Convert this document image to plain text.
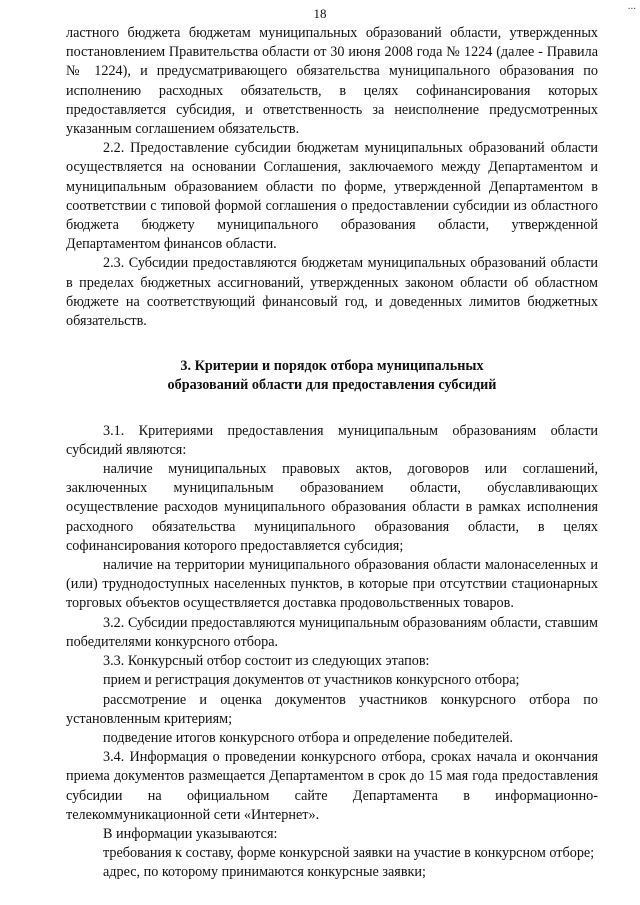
18	...

ластного бюджета бюджетам муниципальных образований области, утвержденных постановлением Правительства области от 30 июня 2008 года № 1224 (далее - Правила № 1224), и предусматривающего обязательства муниципального образования по исполнению расходных обязательств, в целях софинансирования которых предоставляется субсидия, и ответственность за неисполнение предусмотренных указанным соглашением обязательств.

2.2. Предоставление субсидии бюджетам муниципальных образований области осуществляется на основании Соглашения, заключаемого между Департаментом и муниципальным образованием области по форме, утвержденной Департаментом в соответствии с типовой формой соглашения о предоставлении субсидии из областного бюджета бюджету муниципального образования области, утвержденной Департаментом финансов области.

2.3. Субсидии предоставляются бюджетам муниципальных образований области в пределах бюджетных ассигнований, утвержденных законом области об областном бюджете на соответствующий финансовый год, и доведенных лимитов бюджетных обязательств.

3. Критерии и порядок отбора муниципальных
образований области для предоставления субсидий

3.1. Критериями предоставления муниципальным образованиям области субсидий являются:

наличие муниципальных правовых актов, договоров или соглашений, заключенных муниципальным образованием области, обуславливающих осуществление расходов муниципального образования области в рамках исполнения расходного обязательства муниципального образования области, в целях софинансирования которого предоставляется субсидия;

наличие на территории муниципального образования области малонаселенных и (или) труднодоступных населенных пунктов, в которые при отсутствии стационарных торговых объектов осуществляется доставка продовольственных товаров.

3.2. Субсидии предоставляются муниципальным образованиям области, ставшим победителями конкурсного отбора.

3.3. Конкурсный отбор состоит из следующих этапов:

прием и регистрация документов от участников конкурсного отбора;

рассмотрение и оценка документов участников конкурсного отбора по установленным критериям;

подведение итогов конкурсного отбора и определение победителей.

3.4. Информация о проведении конкурсного отбора, сроках начала и окончания приема документов размещается Департаментом в срок до 15 мая года предоставления субсидии на официальном сайте Департамента в информационно-телекоммуникационной сети «Интернет».

В информации указываются:

требования к составу, форме конкурсной заявки на участие в конкурсном отборе;

адрес, по которому принимаются конкурсные заявки;
